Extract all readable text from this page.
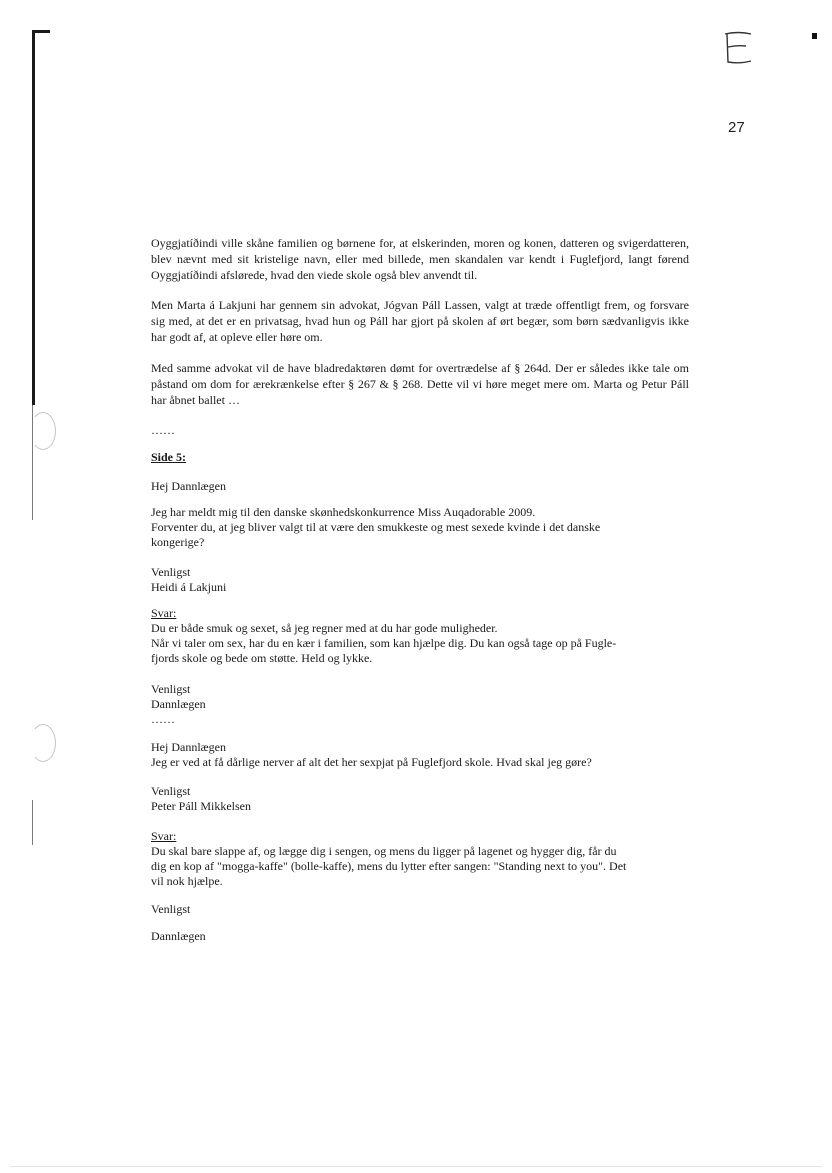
27

Oyggjatíðindi ville skåne familien og børnene for, at elskerinden, moren og konen, datteren og svigerdatteren, blev nævnt med sit kristelige navn, eller med billede, men skandalen var kendt i Fuglefjord, langt førend Oyggjatíðindi afslørede, hvad den viede skole også blev anvendt til.

Men Marta á Lakjuni har gennem sin advokat, Jógvan Páll Lassen, valgt at træde offentligt frem, og forsvare sig med, at det er en privatsag, hvad hun og Páll har gjort på skolen af ørt begær, som børn sædvanligvis ikke har godt af, at opleve eller høre om.

Med samme advokat vil de have bladredaktøren dømt for overtrædelse af § 264d. Der er således ikke tale om påstand om dom for ærekrænkelse efter § 267 & § 268. Dette vil vi høre meget mere om. Marta og Petur Páll har åbnet ballet …

……
Side 5:
Hej Dannlægen
Jeg har meldt mig til den danske skønhedskonkurrence Miss Auqadorable 2009.
Forventer du, at jeg bliver valgt til at være den smukkeste og mest sexede kvinde i det danske
kongerige?
Venligst
Heidi á Lakjuni
Svar:
Du er både smuk og sexet, så jeg regner med at du har gode muligheder.
Når vi taler om sex, har du en kær i familien, som kan hjælpe dig. Du kan også tage op på Fugle-
fjords skole og bede om støtte. Held og lykke.
Venligst
Dannlægen
……
Hej Dannlægen
Jeg er ved at få dårlige nerver af alt det her sexpjat på Fuglefjord skole. Hvad skal jeg gøre?
Venligst
Peter Páll Mikkelsen
Svar:
Du skal bare slappe af, og lægge dig i sengen, og mens du ligger på lagenet og hygger dig, får du
dig en kop af "mogga-kaffe" (bolle-kaffe), mens du lytter efter sangen: "Standing next to you". Det
vil nok hjælpe.
Venligst
Dannlægen
